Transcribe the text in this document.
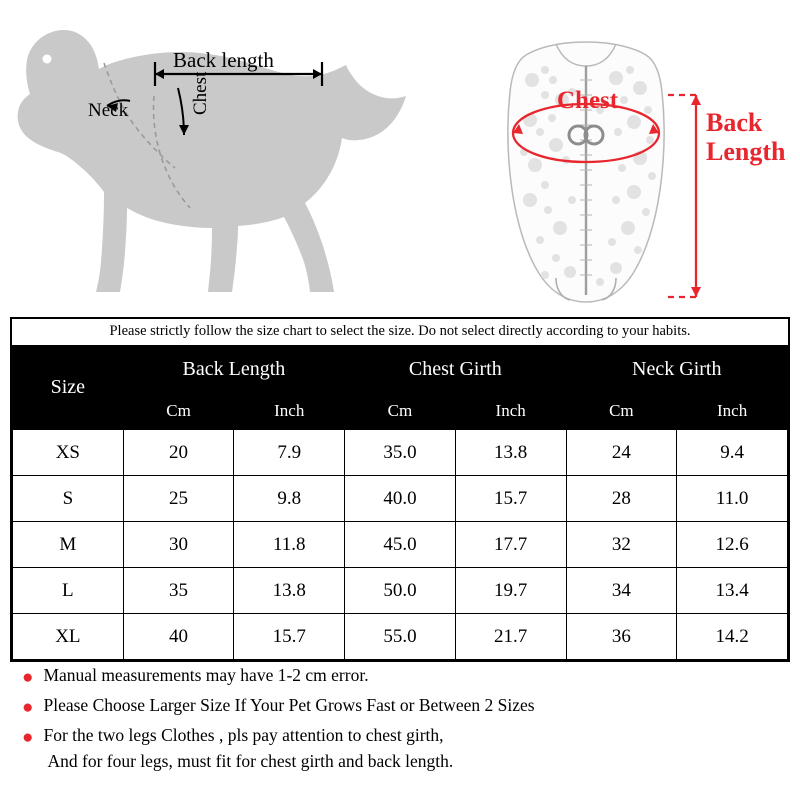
Back length
Neck	Chest	Chest
Back
Length
Please strictly follow the size chart to select the size. Do not select directly according to your habits.						
Size	Back Length		Chest Girth		Neck Girth	
	Cm	Inch	Cm	Inch	Cm	Inch
XS	20	7.9	35.0	13.8	24	9.4
S	25	9.8	40.0	15.7	28	11.0
M	30	11.8	45.0	17.7	32	12.6
L	35	13.8	50.0	19.7	34	13.4
XL	40	15.7	55.0	21.7	36	14.2
● Manual measurements may have 1-2 cm error.
● Please Choose Larger Size If Your Pet Grows Fast or Between 2 Sizes
● For the two legs Clothes , pls pay attention to chest girth,
And for four legs, must fit for chest girth and back length.
